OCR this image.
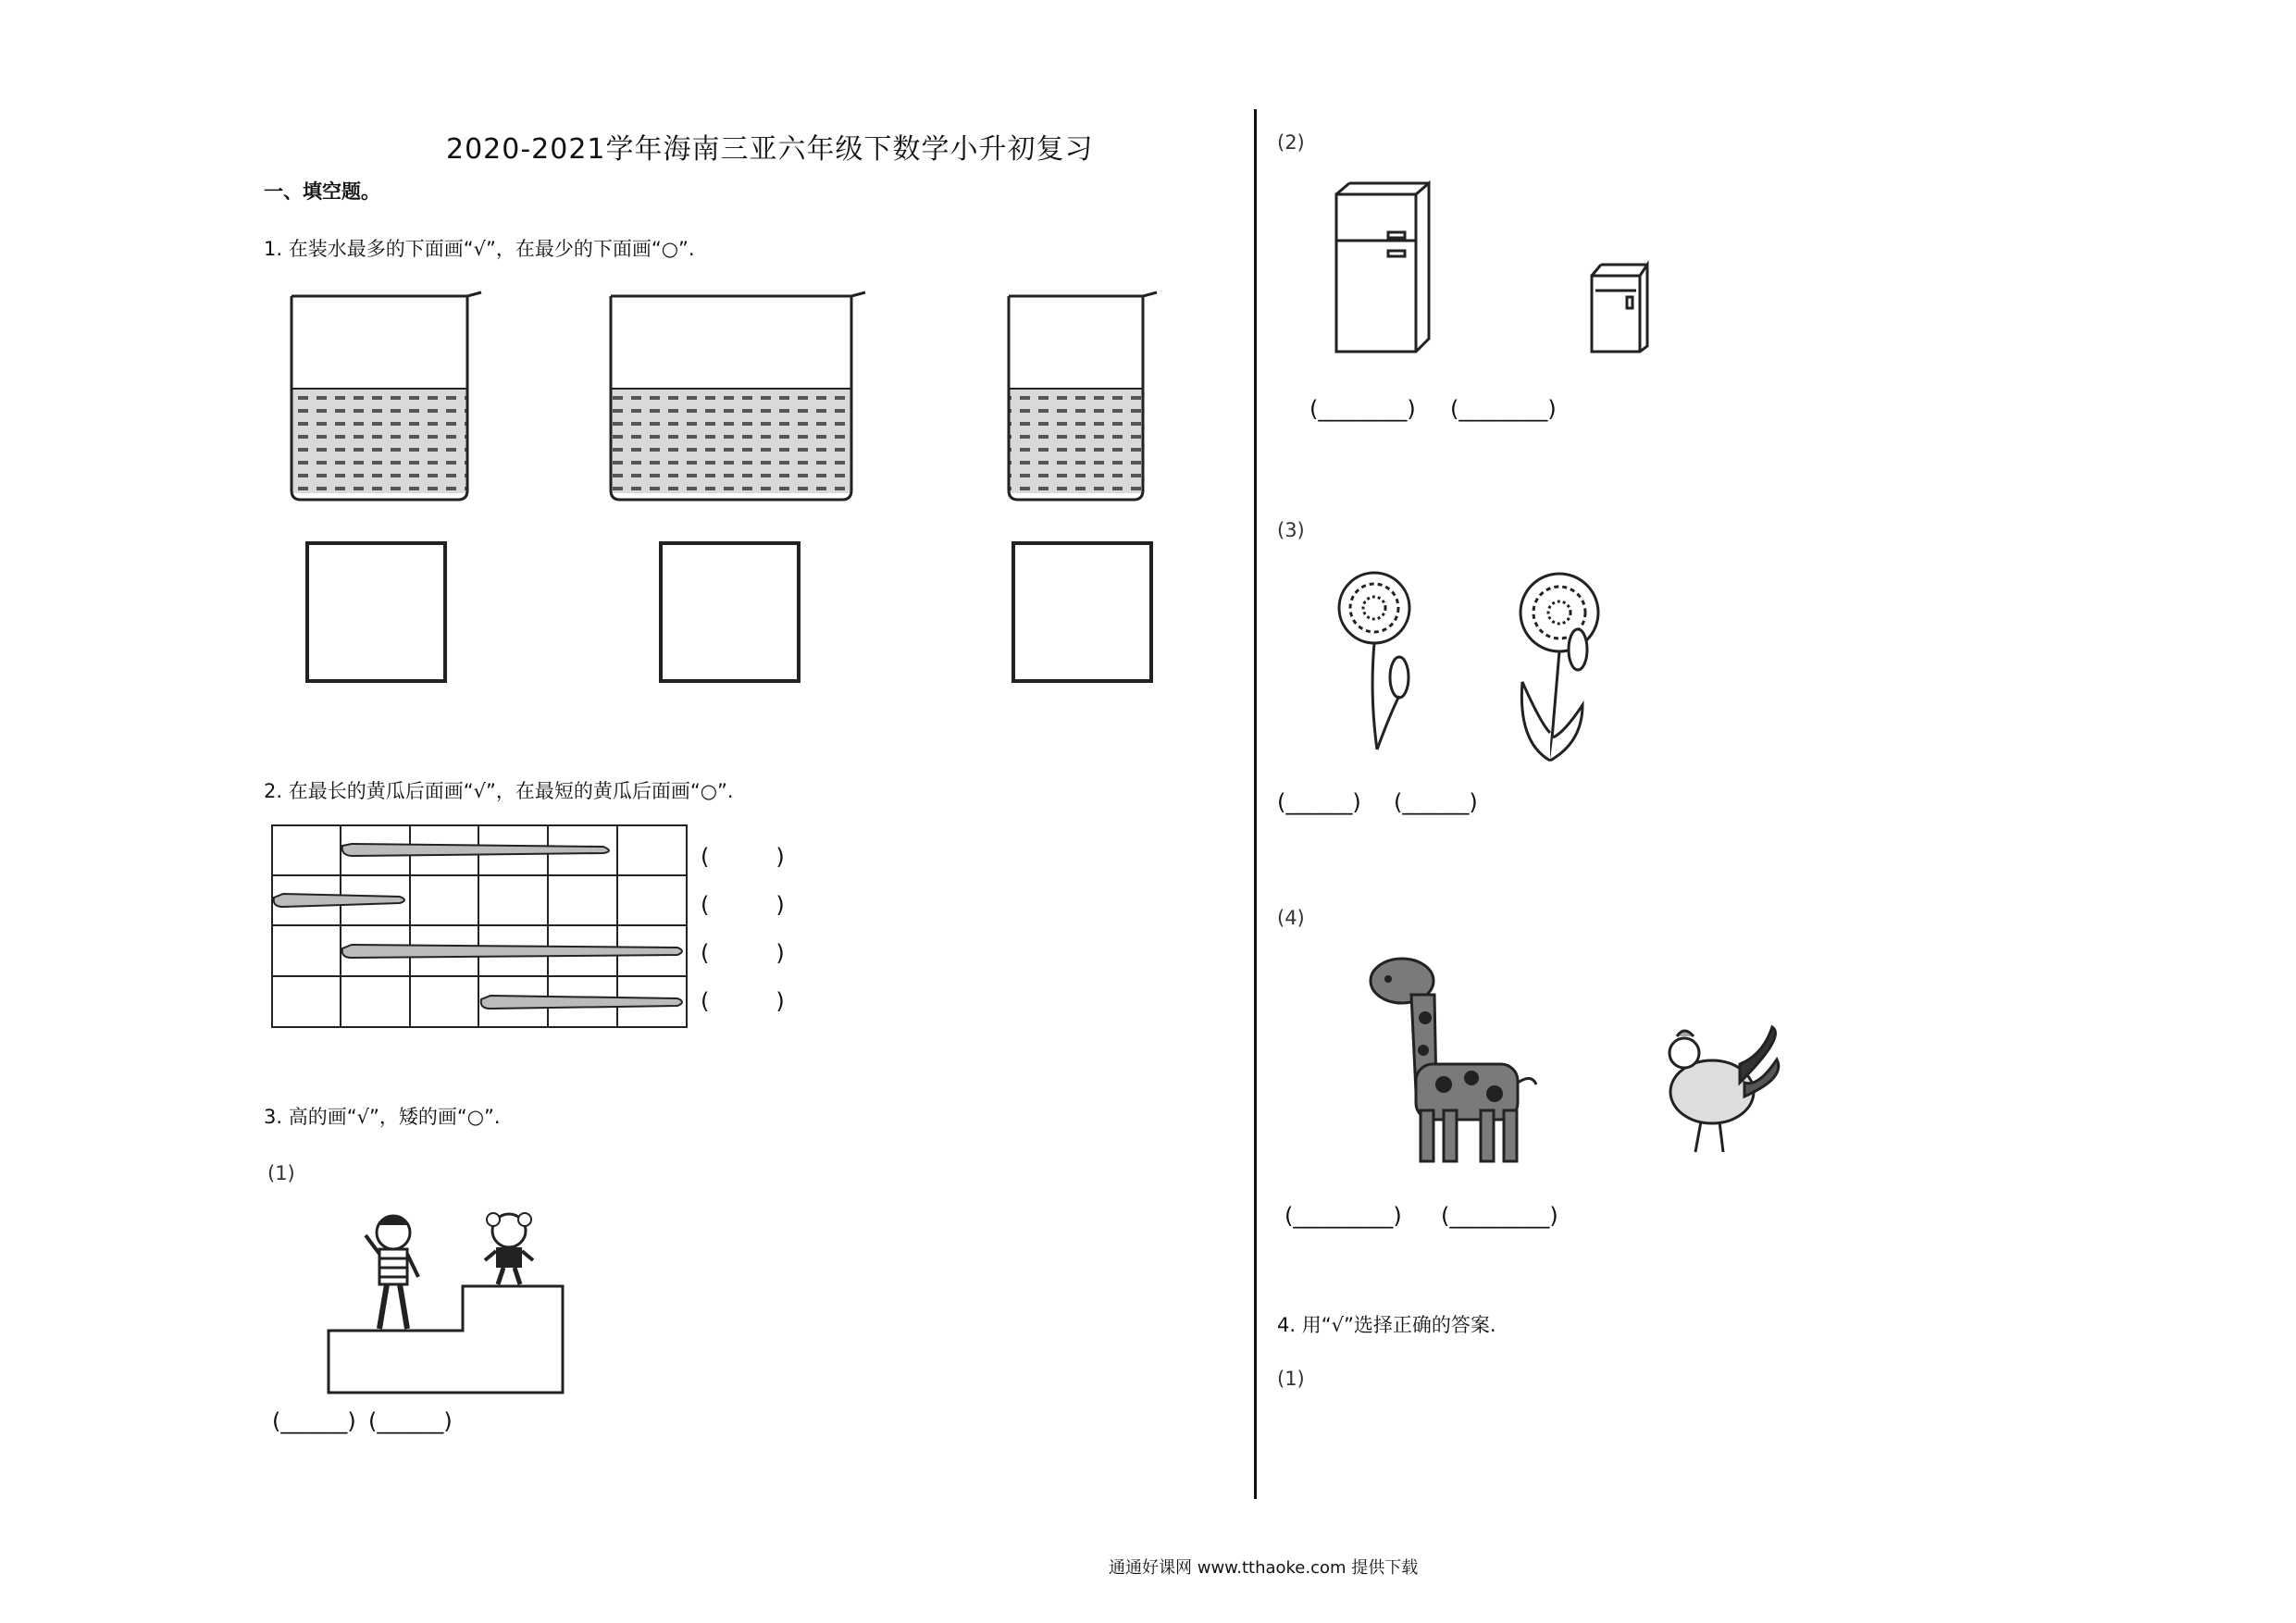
2020-2021学年海南三亚六年级下数学小升初复习
一、填空题。
1. 在装水最多的下面画“√”，在最少的下面画“○”.
2. 在最长的黄瓜后面画“√”，在最短的黄瓜后面画“○”.
(　　　)
(　　　)
(　　　)
(　　　)
3. 高的画“√”，矮的画“○”.
(1)
(______) (______)
(2)
(________) (________)
(3)
(______) (______)
(4)
(_________) (_________)
4. 用“√”选择正确的答案.
(1)
通通好课网 www.tthaoke.com 提供下载
